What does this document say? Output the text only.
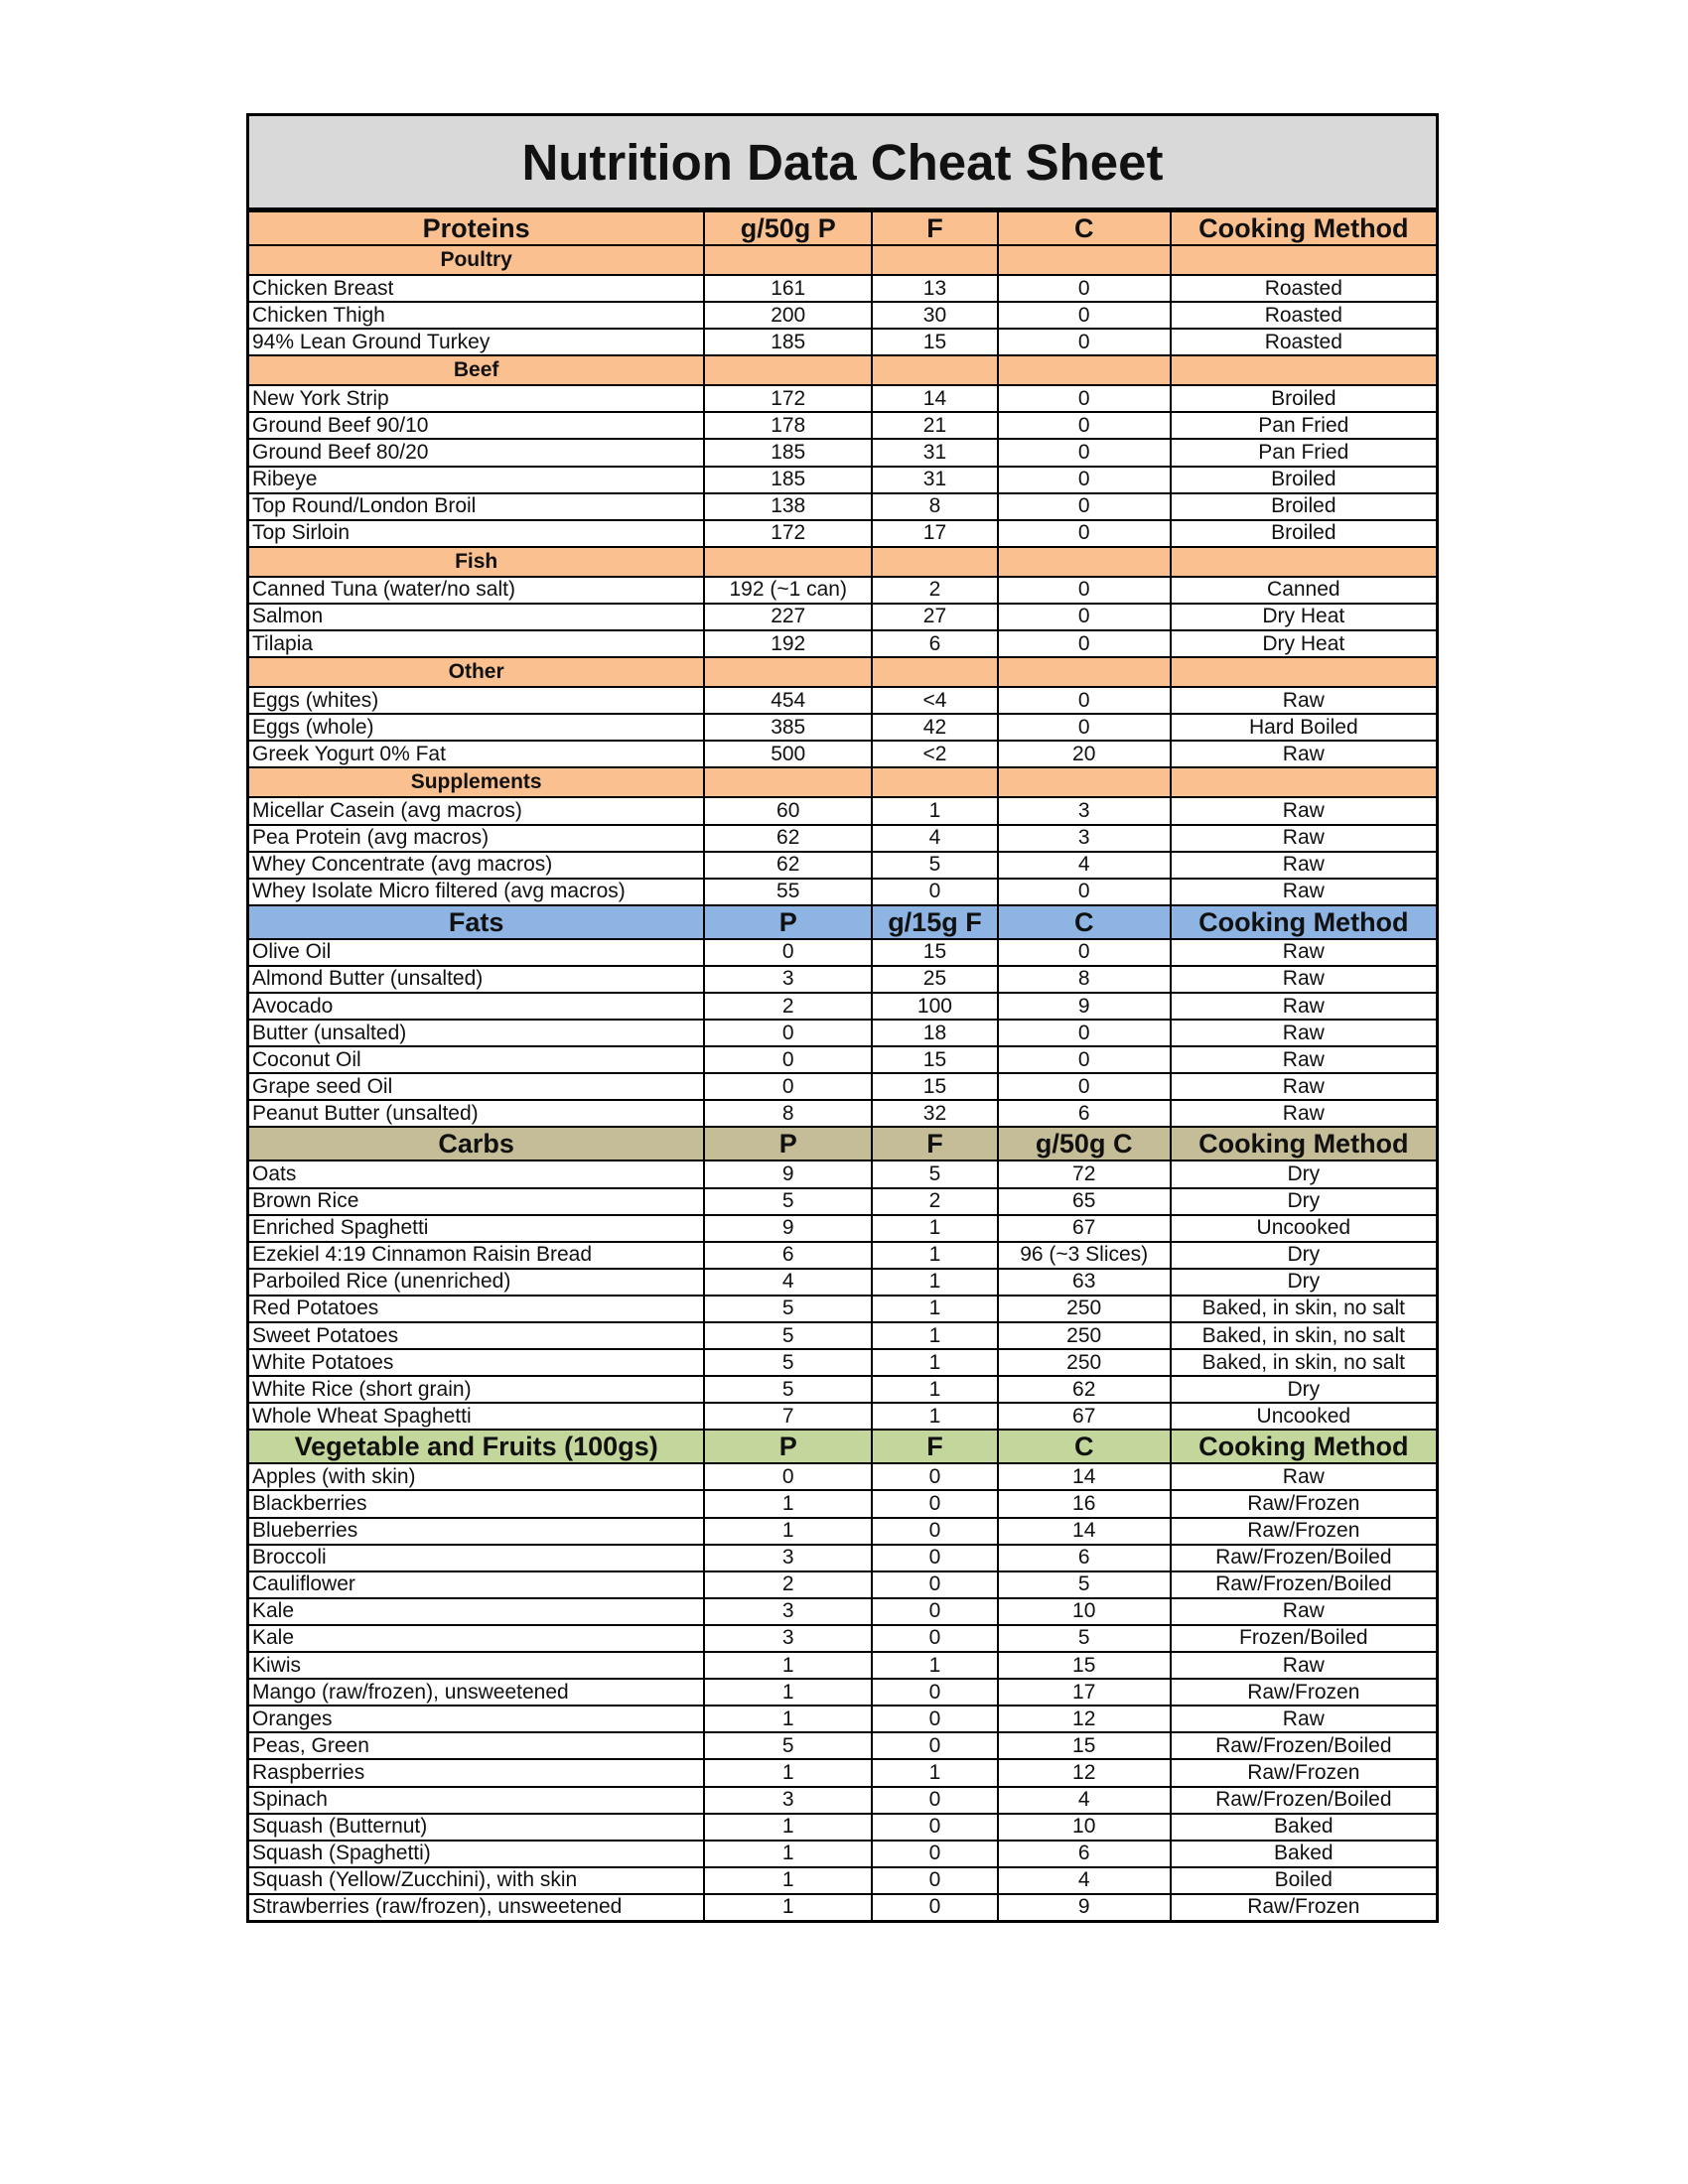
Nutrition Data Cheat Sheet
Proteins	g/50g P	F	C	Cooking Method
Poultry				
Chicken Breast	161	13	0	Roasted
Chicken Thigh	200	30	0	Roasted
94% Lean Ground Turkey	185	15	0	Roasted
Beef				
New York Strip	172	14	0	Broiled
Ground Beef 90/10	178	21	0	Pan Fried
Ground Beef 80/20	185	31	0	Pan Fried
Ribeye	185	31	0	Broiled
Top Round/London Broil	138	8	0	Broiled
Top Sirloin	172	17	0	Broiled
Fish				
Canned Tuna (water/no salt)	192 (~1 can)	2	0	Canned
Salmon	227	27	0	Dry Heat
Tilapia	192	6	0	Dry Heat
Other				
Eggs (whites)	454	<4	0	Raw
Eggs (whole)	385	42	0	Hard Boiled
Greek Yogurt 0% Fat	500	<2	20	Raw
Supplements				
Micellar Casein (avg macros)	60	1	3	Raw
Pea Protein (avg macros)	62	4	3	Raw
Whey Concentrate (avg macros)	62	5	4	Raw
Whey Isolate Micro filtered (avg macros)	55	0	0	Raw
Fats	P	g/15g F	C	Cooking Method
Olive Oil	0	15	0	Raw
Almond Butter (unsalted)	3	25	8	Raw
Avocado	2	100	9	Raw
Butter (unsalted)	0	18	0	Raw
Coconut Oil	0	15	0	Raw
Grape seed Oil	0	15	0	Raw
Peanut Butter (unsalted)	8	32	6	Raw
Carbs	P	F	g/50g C	Cooking Method
Oats	9	5	72	Dry
Brown Rice	5	2	65	Dry
Enriched Spaghetti	9	1	67	Uncooked
Ezekiel 4:19 Cinnamon Raisin Bread	6	1	96 (~3 Slices)	Dry
Parboiled Rice (unenriched)	4	1	63	Dry
Red Potatoes	5	1	250	Baked, in skin, no salt
Sweet Potatoes	5	1	250	Baked, in skin, no salt
White Potatoes	5	1	250	Baked, in skin, no salt
White Rice (short grain)	5	1	62	Dry
Whole Wheat Spaghetti	7	1	67	Uncooked
Vegetable and Fruits (100gs)	P	F	C	Cooking Method
Apples (with skin)	0	0	14	Raw
Blackberries	1	0	16	Raw/Frozen
Blueberries	1	0	14	Raw/Frozen
Broccoli	3	0	6	Raw/Frozen/Boiled
Cauliflower	2	0	5	Raw/Frozen/Boiled
Kale	3	0	10	Raw
Kale	3	0	5	Frozen/Boiled
Kiwis	1	1	15	Raw
Mango (raw/frozen), unsweetened	1	0	17	Raw/Frozen
Oranges	1	0	12	Raw
Peas, Green	5	0	15	Raw/Frozen/Boiled
Raspberries	1	1	12	Raw/Frozen
Spinach	3	0	4	Raw/Frozen/Boiled
Squash (Butternut)	1	0	10	Baked
Squash (Spaghetti)	1	0	6	Baked
Squash (Yellow/Zucchini), with skin	1	0	4	Boiled
Strawberries (raw/frozen), unsweetened	1	0	9	Raw/Frozen
